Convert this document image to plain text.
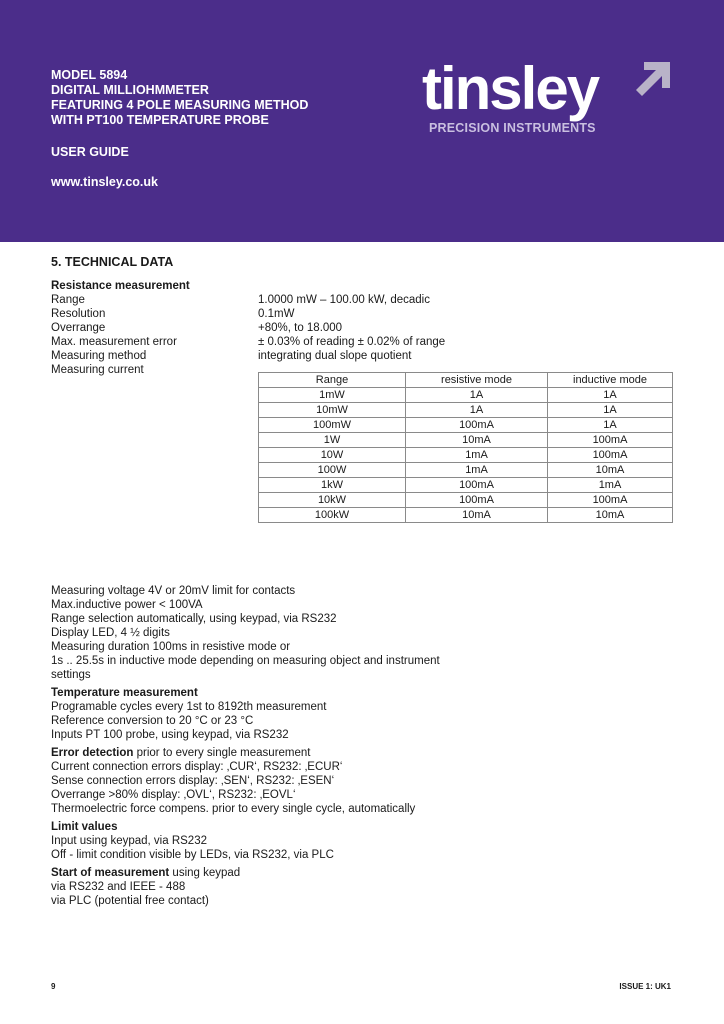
MODEL 5894
DIGITAL MILLIOHMMETER
FEATURING 4 POLE MEASURING METHOD
WITH PT100 TEMPERATURE PROBE
USER GUIDE
www.tinsley.co.uk
tinsley
PRECISION INSTRUMENTS
5. TECHNICAL DATA
Resistance measurement
Range	1.0000 mW – 100.00 kW, decadic
Resolution	0.1mW
Overrange	+80%, to 18.000
Max. measurement error	± 0.03% of reading ± 0.02% of range
Measuring method	integrating dual slope quotient
Measuring current
Range	resistive mode	inductive mode
1mW	1A	1A
10mW	1A	1A
100mW	100mA	1A
1W	10mA	100mA
10W	1mA	100mA
100W	1mA	10mA
1kW	100mA	1mA
10kW	100mA	100mA
100kW	10mA	10mA

Measuring voltage 4V or 20mV limit for contacts

Max.inductive power < 100VA

Range selection automatically, using keypad, via RS232

Display LED, 4 ½ digits

Measuring duration 100ms in resistive mode or

1s .. 25.5s in inductive mode depending on measuring object and instrument

settings

Temperature measurement

Programable cycles every 1st to 8192th measurement

Reference conversion to 20 °C or 23 °C

Inputs PT 100 probe, using keypad, via RS232

Error detection prior to every single measurement

Current connection errors display: ‚CUR‘, RS232: ‚ECUR‘

Sense connection errors display: ‚SEN‘, RS232: ‚ESEN‘

Overrange >80% display: ‚OVL‘, RS232: ‚EOVL‘

Thermoelectric force compens. prior to every single cycle, automatically

Limit values

Input using keypad, via RS232

Off - limit condition visible by LEDs, via RS232, via PLC

Start of measurement using keypad

via RS232 and IEEE - 488

via PLC (potential free contact)

9	ISSUE 1: UK1
